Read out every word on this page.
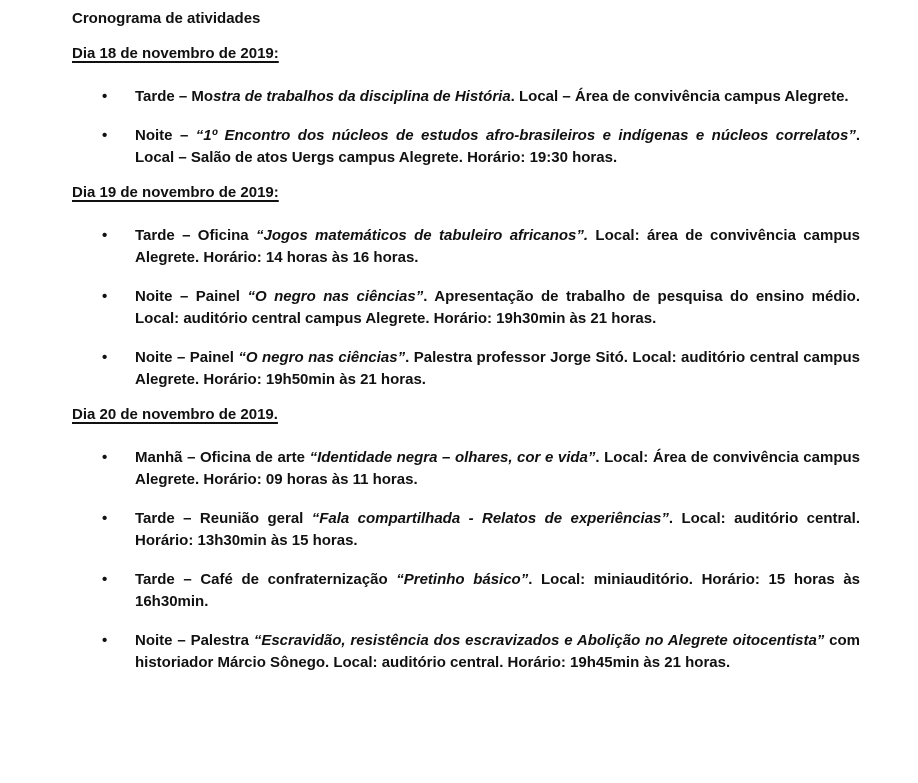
Cronograma de atividades
Dia 18 de novembro de 2019:
• Tarde – Mostra de trabalhos da disciplina de História. Local – Área de convivência campus Alegrete.
• Noite – “1º Encontro dos núcleos de estudos afro-brasileiros e indígenas e núcleos correlatos”. Local – Salão de atos Uergs campus Alegrete. Horário: 19:30 horas.
Dia 19 de novembro de 2019:
• Tarde – Oficina “Jogos matemáticos de tabuleiro africanos”. Local: área de convivência campus Alegrete. Horário: 14 horas às 16 horas.
• Noite – Painel “O negro nas ciências”. Apresentação de trabalho de pesquisa do ensino médio. Local: auditório central campus Alegrete. Horário: 19h30min às 21 horas.
• Noite – Painel “O negro nas ciências”. Palestra professor Jorge Sitó. Local: auditório central campus Alegrete. Horário: 19h50min às 21 horas.
Dia 20 de novembro de 2019.
• Manhã – Oficina de arte “Identidade negra – olhares, cor e vida”. Local: Área de convivência campus Alegrete. Horário: 09 horas às 11 horas.
• Tarde – Reunião geral “Fala compartilhada - Relatos de experiências”. Local: auditório central. Horário: 13h30min às 15 horas.
• Tarde – Café de confraternização “Pretinho básico”. Local: miniauditório. Horário: 15 horas às 16h30min.
• Noite – Palestra “Escravidão, resistência dos escravizados e Abolição no Alegrete oitocentista” com historiador Márcio Sônego. Local: auditório central. Horário: 19h45min às 21 horas.
